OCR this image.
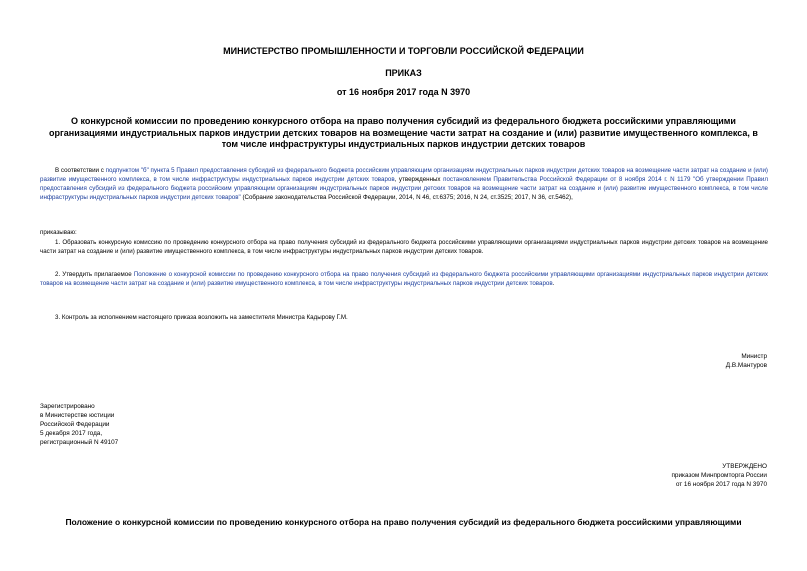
МИНИСТЕРСТВО ПРОМЫШЛЕННОСТИ И ТОРГОВЛИ РОССИЙСКОЙ ФЕДЕРАЦИИ
ПРИКАЗ
от 16 ноября 2017 года N 3970
О конкурсной комиссии по проведению конкурсного отбора на право получения субсидий из федерального бюджета российскими управляющими организациями индустриальных парков индустрии детских товаров на возмещение части затрат на создание и (или) развитие имущественного комплекса, в том числе инфраструктуры индустриальных парков индустрии детских товаров
В соответствии с подпунктом "б" пункта 5 Правил предоставления субсидий из федерального бюджета российским управляющим организациям индустриальных парков индустрии детских товаров на возмещение части затрат на создание и (или) развитие имущественного комплекса, в том числе инфраструктуры индустриальных парков индустрии детских товаров, утвержденных постановлением Правительства Российской Федерации от 8 ноября 2014 г. N 1179 "Об утверждении Правил предоставления субсидий из федерального бюджета российским управляющим организациям индустриальных парков индустрии детских товаров на возмещение части затрат на создание и (или) развитие имущественного комплекса, в том числе инфраструктуры индустриальных парков индустрии детских товаров" (Собрание законодательства Российской Федерации, 2014, N 46, ст.6375; 2016, N 24, ст.3525; 2017, N 36, ст.5462),
приказываю:
1. Образовать конкурсную комиссию по проведению конкурсного отбора на право получения субсидий из федерального бюджета российскими управляющими организациями индустриальных парков индустрии детских товаров на возмещение части затрат на создание и (или) развитие имущественного комплекса, в том числе инфраструктуры индустриальных парков индустрии детских товаров.
2. Утвердить прилагаемое Положение о конкурсной комиссии по проведению конкурсного отбора на право получения субсидий из федерального бюджета российскими управляющими организациями индустриальных парков индустрии детских товаров на возмещение части затрат на создание и (или) развитие имущественного комплекса, в том числе инфраструктуры индустриальных парков индустрии детских товаров.
3. Контроль за исполнением настоящего приказа возложить на заместителя Министра Кадырову Г.М.
Министр
Д.В.Мантуров
Зарегистрировано
в Министерстве юстиции
Российской Федерации
5 декабря 2017 года,
регистрационный N 49107
УТВЕРЖДЕНО
приказом Минпромторга России
от 16 ноября 2017 года N 3970
Положение о конкурсной комиссии по проведению конкурсного отбора на право получения субсидий из федерального бюджета российскими управляющими
